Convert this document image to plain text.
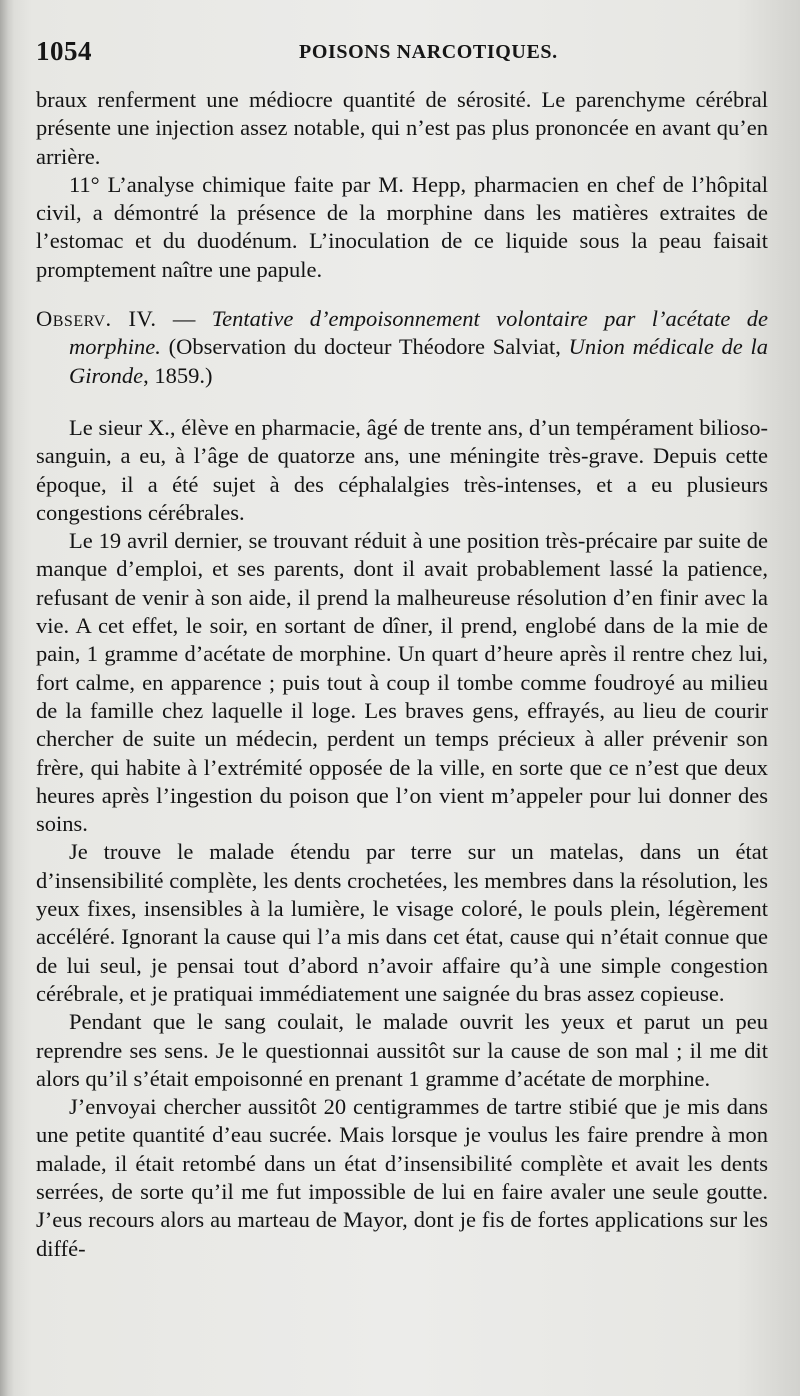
1054	POISONS NARCOTIQUES.

braux renferment une médiocre quantité de sérosité. Le parenchyme cérébral présente une injection assez notable, qui n’est pas plus prononcée en avant qu’en arrière.

11° L’analyse chimique faite par M. Hepp, pharmacien en chef de l’hôpital civil, a démontré la présence de la morphine dans les matières extraites de l’estomac et du duodénum. L’inoculation de ce liquide sous la peau faisait promptement naître une papule.

Observ. IV. — Tentative d’empoisonnement volontaire par l’acétate de morphine. (Observation du docteur Théodore Salviat, Union médicale de la Gironde, 1859.)

Le sieur X., élève en pharmacie, âgé de trente ans, d’un tempérament bilioso-sanguin, a eu, à l’âge de quatorze ans, une méningite très-grave. Depuis cette époque, il a été sujet à des céphalalgies très-intenses, et a eu plusieurs congestions cérébrales.

Le 19 avril dernier, se trouvant réduit à une position très-précaire par suite de manque d’emploi, et ses parents, dont il avait probablement lassé la patience, refusant de venir à son aide, il prend la malheureuse résolution d’en finir avec la vie. A cet effet, le soir, en sortant de dîner, il prend, englobé dans de la mie de pain, 1 gramme d’acétate de morphine. Un quart d’heure après il rentre chez lui, fort calme, en apparence ; puis tout à coup il tombe comme foudroyé au milieu de la famille chez laquelle il loge. Les braves gens, effrayés, au lieu de courir chercher de suite un médecin, perdent un temps précieux à aller prévenir son frère, qui habite à l’extrémité opposée de la ville, en sorte que ce n’est que deux heures après l’ingestion du poison que l’on vient m’appeler pour lui donner des soins.

Je trouve le malade étendu par terre sur un matelas, dans un état d’insensibilité complète, les dents crochetées, les membres dans la résolution, les yeux fixes, insensibles à la lumière, le visage coloré, le pouls plein, légèrement accéléré. Ignorant la cause qui l’a mis dans cet état, cause qui n’était connue que de lui seul, je pensai tout d’abord n’avoir affaire qu’à une simple congestion cérébrale, et je pratiquai immédiatement une saignée du bras assez copieuse.

Pendant que le sang coulait, le malade ouvrit les yeux et parut un peu reprendre ses sens. Je le questionnai aussitôt sur la cause de son mal ; il me dit alors qu’il s’était empoisonné en prenant 1 gramme d’acétate de morphine.

J’envoyai chercher aussitôt 20 centigrammes de tartre stibié que je mis dans une petite quantité d’eau sucrée. Mais lorsque je voulus les faire prendre à mon malade, il était retombé dans un état d’insensibilité complète et avait les dents serrées, de sorte qu’il me fut impossible de lui en faire avaler une seule goutte. J’eus recours alors au marteau de Mayor, dont je fis de fortes applications sur les diffé-
